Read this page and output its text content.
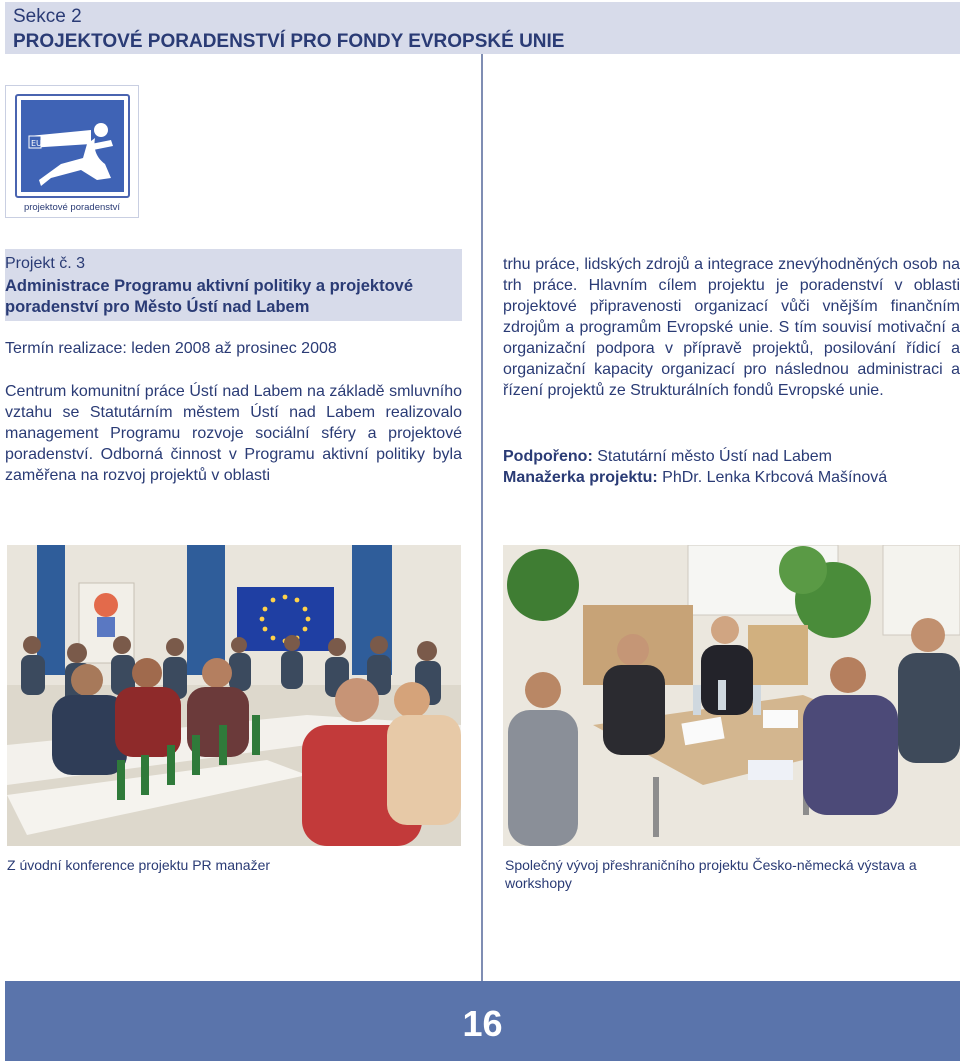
Sekce 2
PROJEKTOVÉ PORADENSTVÍ PRO FONDY EVROPSKÉ UNIE
EU
projektové poradenství
Projekt č. 3
Administrace Programu aktivní politiky a projektové poradenství pro Město Ústí nad Labem
Termín realizace: leden 2008 až prosinec 2008
Centrum komunitní práce Ústí nad Labem na základě smluvního vztahu se Statutárním městem Ústí nad Labem realizovalo management Programu rozvoje sociální sféry a projektové poradenství. Odborná činnost v Programu aktivní politiky byla zaměřena na rozvoj projektů v oblasti
trhu práce, lidských zdrojů a integrace znevýhodněných osob na trh práce. Hlavním cílem projektu je poradenství v oblasti projektové připravenosti organizací vůči vnějším finančním zdrojům a programům Evropské unie. S tím souvisí motivační a organizační podpora v přípravě projektů, posilování řídicí a organizační kapacity organizací pro následnou administraci a řízení projektů ze Strukturálních fondů Evropské unie.
Podpořeno: Statutární město Ústí nad Labem
Manažerka projektu: PhDr. Lenka Krbcová Mašínová
Z úvodní konference projektu PR manažer	Společný vývoj přeshraničního projektu Česko-německá výstava a workshopy
16
